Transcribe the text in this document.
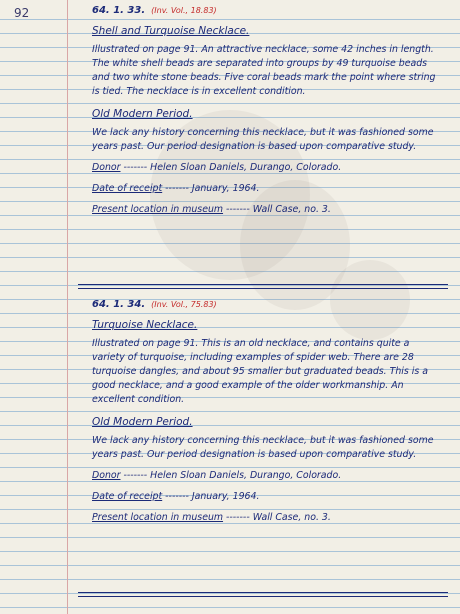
92	64. 1. 33. (Inv. Vol., 18.83)
Shell and Turquoise Necklace.
Illustrated on page 91. An attractive necklace, some 42 inches in length. The white shell beads are separated into groups by 49 turquoise beads and two white stone beads. Five coral beads mark the point where string is tied. The necklace is in excellent condition.
Old Modern Period.
We lack any history concerning this necklace, but it was fashioned some years past. Our period designation is based upon comparative study.
Donor ------- Helen Sloan Daniels, Durango, Colorado.
Date of receipt ------- January, 1964.
Present location in museum ------- Wall Case, no. 3.
64. 1. 34. (Inv. Vol., 75.83)
Turquoise Necklace.
Illustrated on page 91. This is an old necklace, and contains quite a variety of turquoise, including examples of spider web. There are 28 turquoise dangles, and about 95 smaller but graduated beads. This is a good necklace, and a good example of the older workmanship. An excellent condition.
Old Modern Period.
We lack any history concerning this necklace, but it was fashioned some years past. Our period designation is based upon comparative study.
Donor ------- Helen Sloan Daniels, Durango, Colorado.
Date of receipt ------- January, 1964.
Present location in museum ------- Wall Case, no. 3.
